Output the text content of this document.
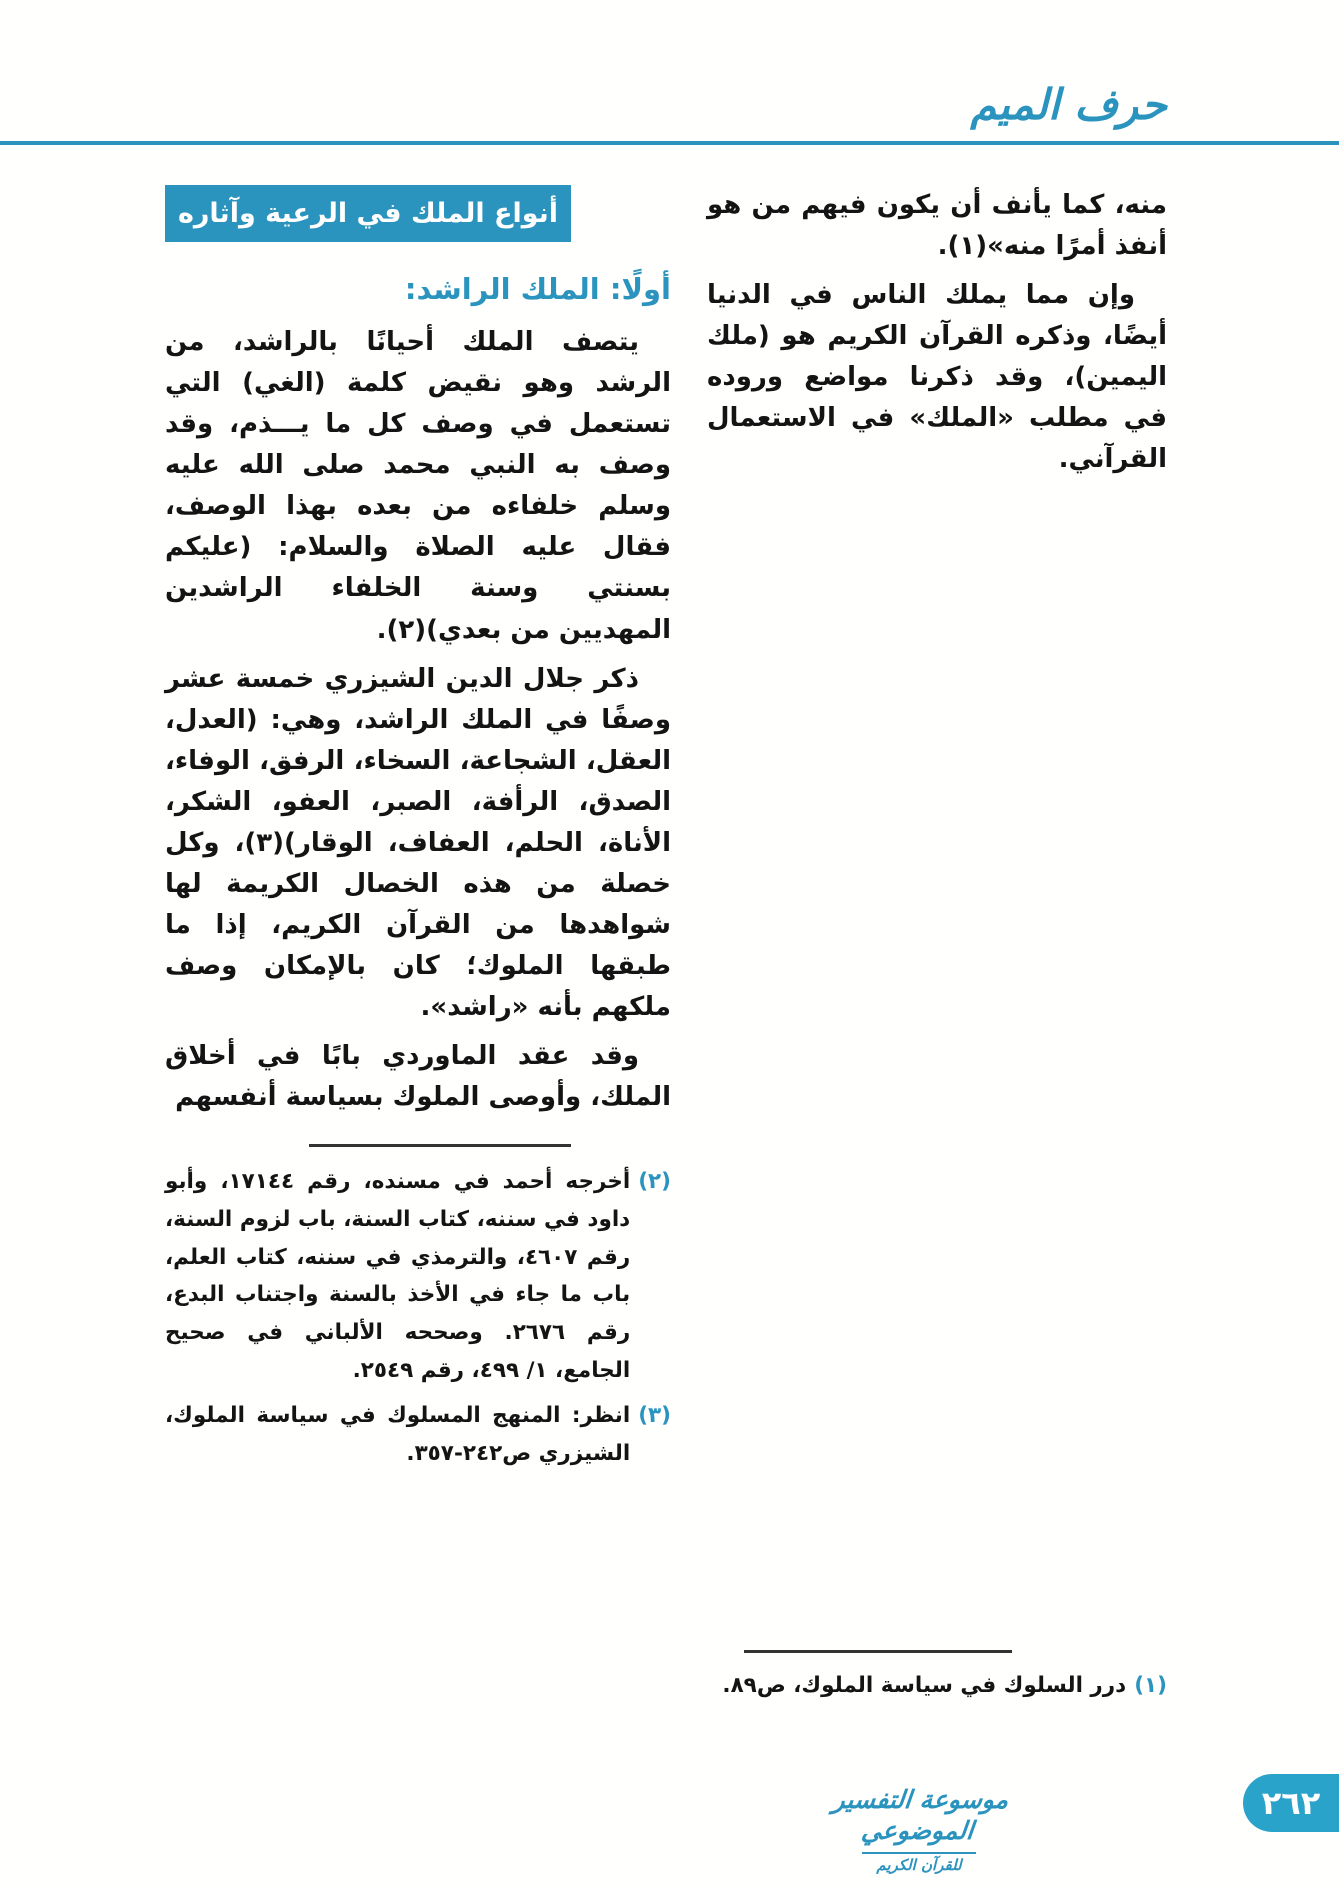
حرف الميم

منه، كما يأنف أن يكون فيهم من هو أنفذ أمرًا منه»(١).

وإن مما يملك الناس في الدنيا أيضًا، وذكره القرآن الكريم هو (ملك اليمين)، وقد ذكرنا مواضع وروده في مطلب «الملك» في الاستعمال القرآني.

(١)
درر السلوك في سياسة الملوك، ص٨٩.
أنواع الملك في الرعية وآثاره
أولًا: الملك الراشد:

يتصف الملك أحيانًا بالراشد، من الرشد وهو نقيض كلمة (الغي) التي تستعمل في وصف كل ما يـــذم، وقد وصف به النبي محمد صلى الله عليه وسلم خلفاءه من بعده بهذا الوصف، فقال عليه الصلاة والسلام: (عليكم بسنتي وسنة الخلفاء الراشدين المهديين من بعدي)(٢).

ذكر جلال الدين الشيزري خمسة عشر وصفًا في الملك الراشد، وهي: (العدل، العقل، الشجاعة، السخاء، الرفق، الوفاء، الصدق، الرأفة، الصبر، العفو، الشكر، الأناة، الحلم، العفاف، الوقار)(٣)، وكل خصلة من هذه الخصال الكريمة لها شواهدها من القرآن الكريم، إذا ما طبقها الملوك؛ كان بالإمكان وصف ملكهم بأنه «راشد».

وقد عقد الماوردي بابًا في أخلاق الملك، وأوصى الملوك بسياسة أنفسهم

(٢)
أخرجه أحمد في مسنده، رقم ١٧١٤٤، وأبو داود في سننه، كتاب السنة، باب لزوم السنة، رقم ٤٦٠٧، والترمذي في سننه، كتاب العلم، باب ما جاء في الأخذ بالسنة واجتناب البدع، رقم ٢٦٧٦. وصححه الألباني في صحيح الجامع، ١/ ٤٩٩، رقم ٢٥٤٩.
(٣)
انظر: المنهج المسلوك في سياسة الملوك، الشيزري ص٢٤٢-٣٥٧.
موسوعة التفسير الموضوعي
للقرآن الكريم
٢٦٢
